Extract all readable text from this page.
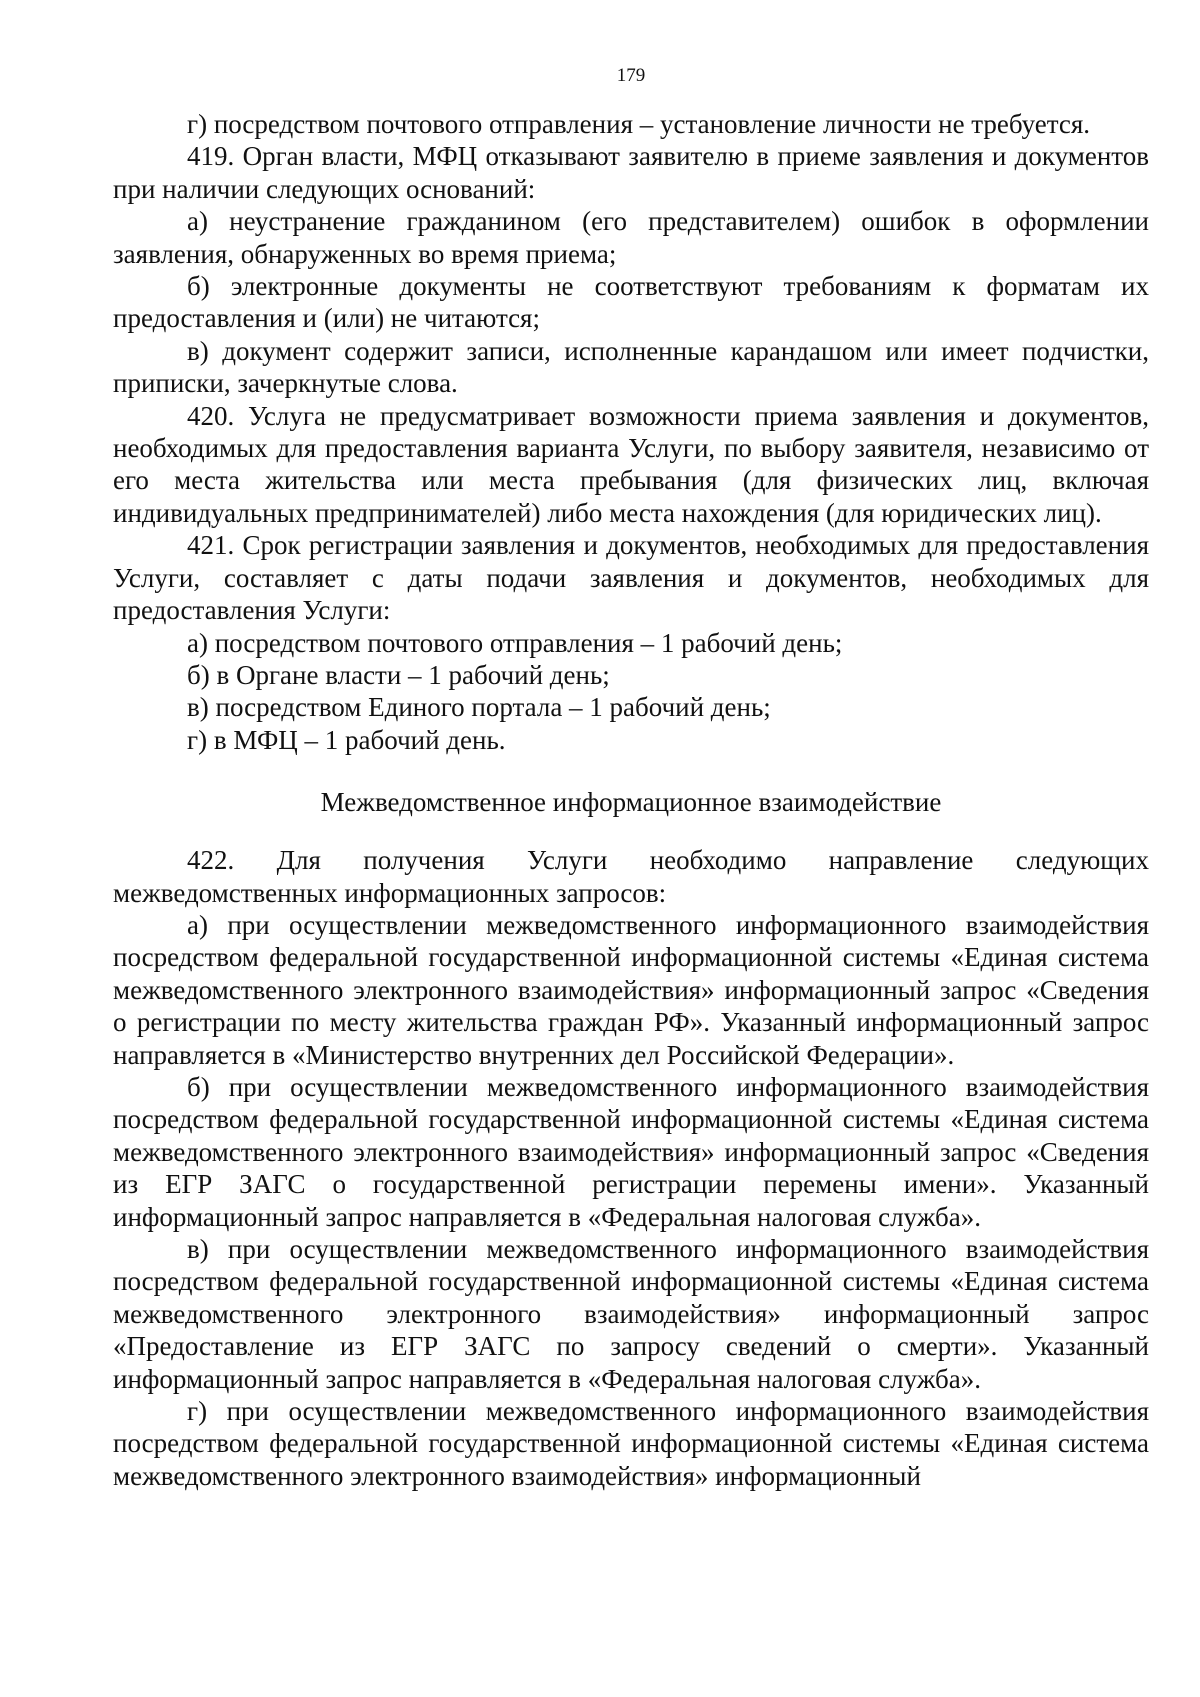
179

г) посредством почтового отправления – установление личности не требуется.

419. Орган власти, МФЦ отказывают заявителю в приеме заявления и документов при наличии следующих оснований:

а) неустранение гражданином (его представителем) ошибок в оформлении заявления, обнаруженных во время приема;

б) электронные документы не соответствуют требованиям к форматам их предоставления и (или) не читаются;

в) документ содержит записи, исполненные карандашом или имеет подчистки, приписки, зачеркнутые слова.

420. Услуга не предусматривает возможности приема заявления и документов, необходимых для предоставления варианта Услуги, по выбору заявителя, независимо от его места жительства или места пребывания (для физических лиц, включая индивидуальных предпринимателей) либо места нахождения (для юридических лиц).

421. Срок регистрации заявления и документов, необходимых для предоставления Услуги, составляет с даты подачи заявления и документов, необходимых для предоставления Услуги:

а) посредством почтового отправления – 1 рабочий день;

б) в Органе власти – 1 рабочий день;

в) посредством Единого портала – 1 рабочий день;

г) в МФЦ – 1 рабочий день.

Межведомственное информационное взаимодействие

422. Для получения Услуги необходимо направление следующих межведомственных информационных запросов:

а) при осуществлении межведомственного информационного взаимодействия посредством федеральной государственной информационной системы «Единая система межведомственного электронного взаимодействия» информационный запрос «Сведения о регистрации по месту жительства граждан РФ». Указанный информационный запрос направляется в «Министерство внутренних дел Российской Федерации».

б) при осуществлении межведомственного информационного взаимодействия посредством федеральной государственной информационной системы «Единая система межведомственного электронного взаимодействия» информационный запрос «Сведения из ЕГР ЗАГС о государственной регистрации перемены имени». Указанный информационный запрос направляется в «Федеральная налоговая служба».

в) при осуществлении межведомственного информационного взаимодействия посредством федеральной государственной информационной системы «Единая система межведомственного электронного взаимодействия» информационный запрос «Предоставление из ЕГР ЗАГС по запросу сведений о смерти». Указанный информационный запрос направляется в «Федеральная налоговая служба».

г) при осуществлении межведомственного информационного взаимодействия посредством федеральной государственной информационной системы «Единая система межведомственного электронного взаимодействия» информационный
